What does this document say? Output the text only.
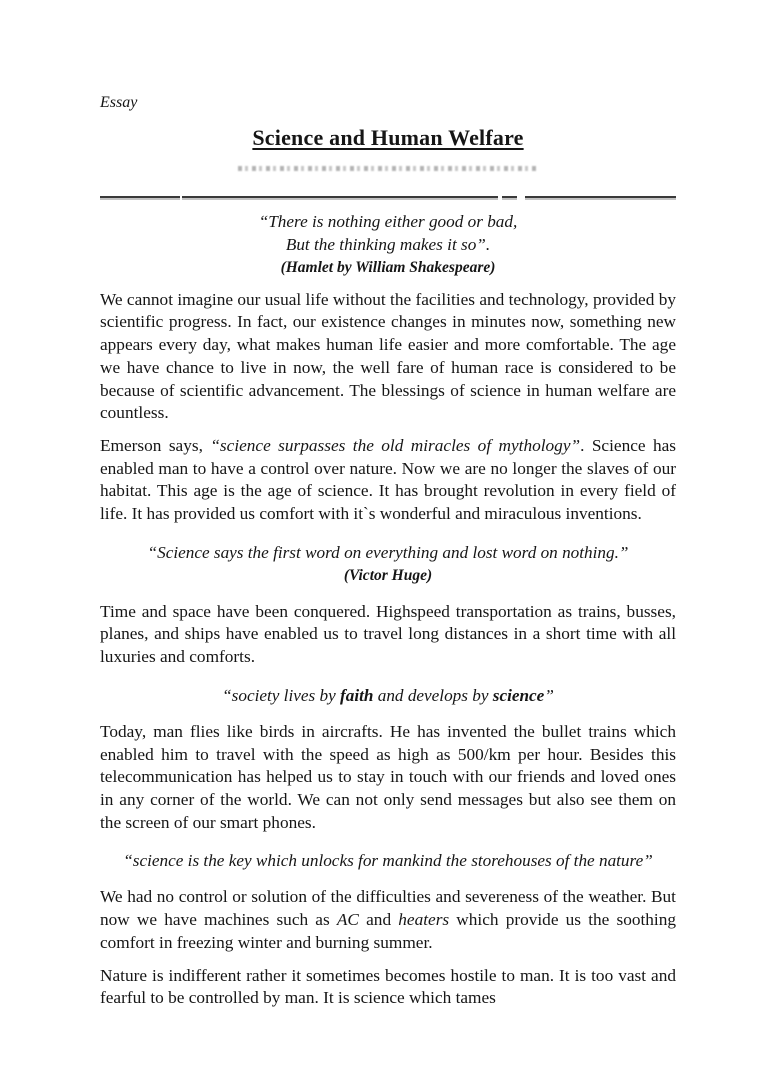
Essay
Science and Human Welfare
“There is nothing either good or bad,
But the thinking makes it so”.
(Hamlet by William Shakespeare)

We cannot imagine our usual life without the facilities and technology, provided by scientific progress. In fact, our existence changes in minutes now, something new appears every day, what makes human life easier and more comfortable. The age we have chance to live in now, the well fare of human race is considered to be because of scientific advancement. The blessings of science in human welfare are countless.

Emerson says, “science surpasses the old miracles of mythology”. Science has enabled man to have a control over nature. Now we are no longer the slaves of our habitat. This age is the age of science. It has brought revolution in every field of life. It has provided us comfort with it`s wonderful and miraculous inventions.

“Science says the first word on everything and lost word on nothing.”
(Victor Huge)

Time and space have been conquered. Highspeed transportation as trains, busses, planes, and ships have enabled us to travel long distances in a short time with all luxuries and comforts.

“society lives by faith and develops by science”

Today, man flies like birds in aircrafts. He has invented the bullet trains which enabled him to travel with the speed as high as 500/km per hour. Besides this telecommunication has helped us to stay in touch with our friends and loved ones in any corner of the world. We can not only send messages but also see them on the screen of our smart phones.

“science is the key which unlocks for mankind the storehouses of the nature”

We had no control or solution of the difficulties and severeness of the weather. But now we have machines such as AC and heaters which provide us the soothing comfort in freezing winter and burning summer.

Nature is indifferent rather it sometimes becomes hostile to man. It is too vast and fearful to be controlled by man. It is science which tames
